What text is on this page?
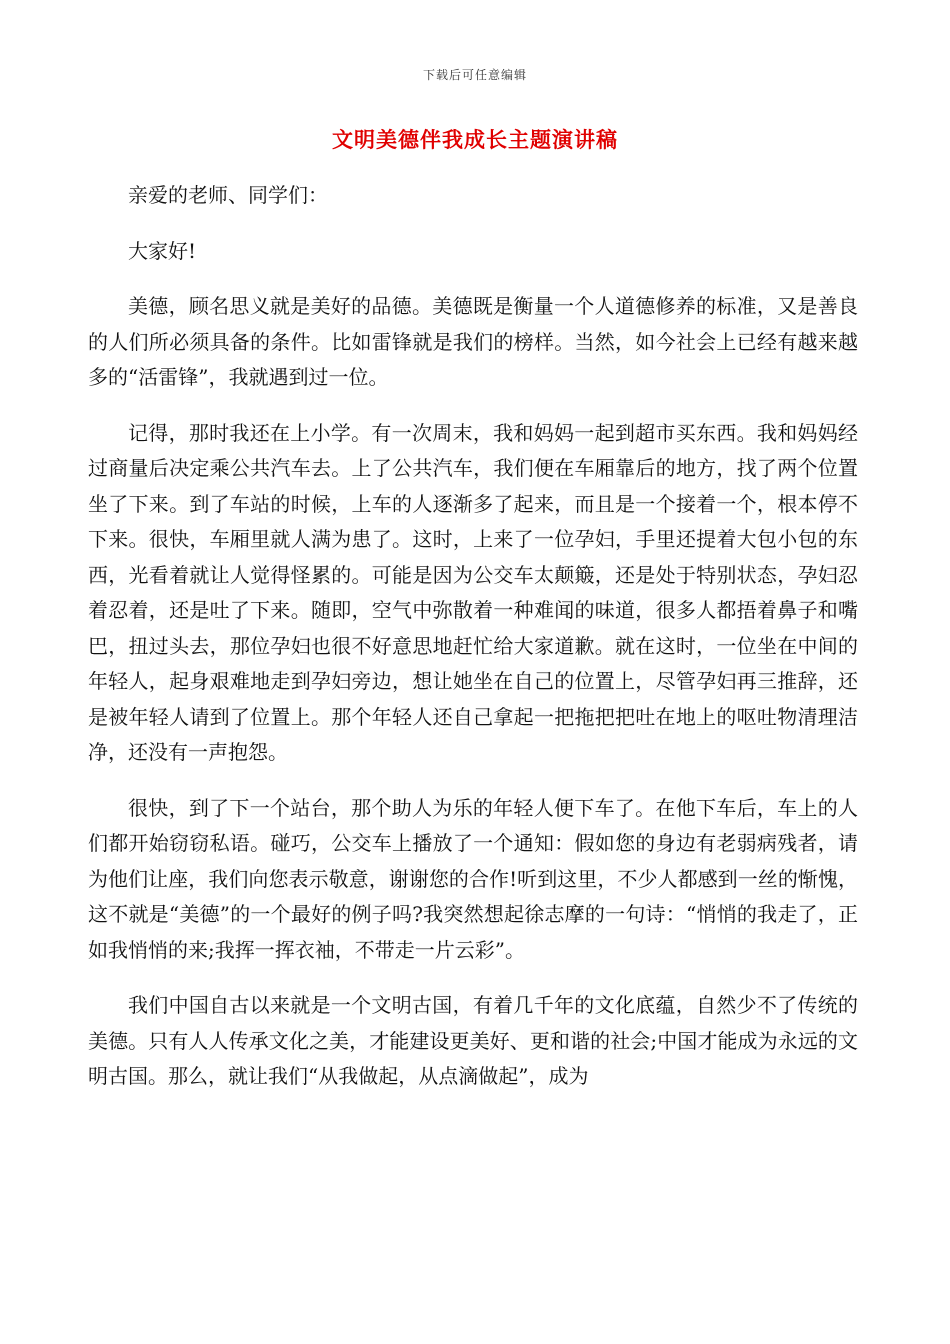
下载后可任意编辑
文明美德伴我成长主题演讲稿

亲爱的老师、同学们：

大家好!

美德，顾名思义就是美好的品德。美德既是衡量一个人道德修养的标准，又是善良的人们所必须具备的条件。比如雷锋就是我们的榜样。当然，如今社会上已经有越来越多的“活雷锋”，我就遇到过一位。

记得，那时我还在上小学。有一次周末，我和妈妈一起到超市买东西。我和妈妈经过商量后决定乘公共汽车去。上了公共汽车，我们便在车厢靠后的地方，找了两个位置坐了下来。到了车站的时候，上车的人逐渐多了起来，而且是一个接着一个，根本停不下来。很快，车厢里就人满为患了。这时，上来了一位孕妇，手里还提着大包小包的东西，光看着就让人觉得怪累的。可能是因为公交车太颠簸，还是处于特别状态，孕妇忍着忍着，还是吐了下来。随即，空气中弥散着一种难闻的味道，很多人都捂着鼻子和嘴巴，扭过头去，那位孕妇也很不好意思地赶忙给大家道歉。就在这时，一位坐在中间的年轻人，起身艰难地走到孕妇旁边，想让她坐在自己的位置上，尽管孕妇再三推辞，还是被年轻人请到了位置上。那个年轻人还自己拿起一把拖把把吐在地上的呕吐物清理洁净，还没有一声抱怨。

很快，到了下一个站台，那个助人为乐的年轻人便下车了。在他下车后，车上的人们都开始窃窃私语。碰巧，公交车上播放了一个通知：假如您的身边有老弱病残者，请为他们让座，我们向您表示敬意，谢谢您的合作!听到这里，不少人都感到一丝的惭愧，这不就是“美德”的一个最好的例子吗?我突然想起徐志摩的一句诗：“悄悄的我走了，正如我悄悄的来;我挥一挥衣袖，不带走一片云彩”。

我们中国自古以来就是一个文明古国，有着几千年的文化底蕴，自然少不了传统的美德。只有人人传承文化之美，才能建设更美好、更和谐的社会;中国才能成为永远的文明古国。那么，就让我们“从我做起，从点滴做起”，成为
